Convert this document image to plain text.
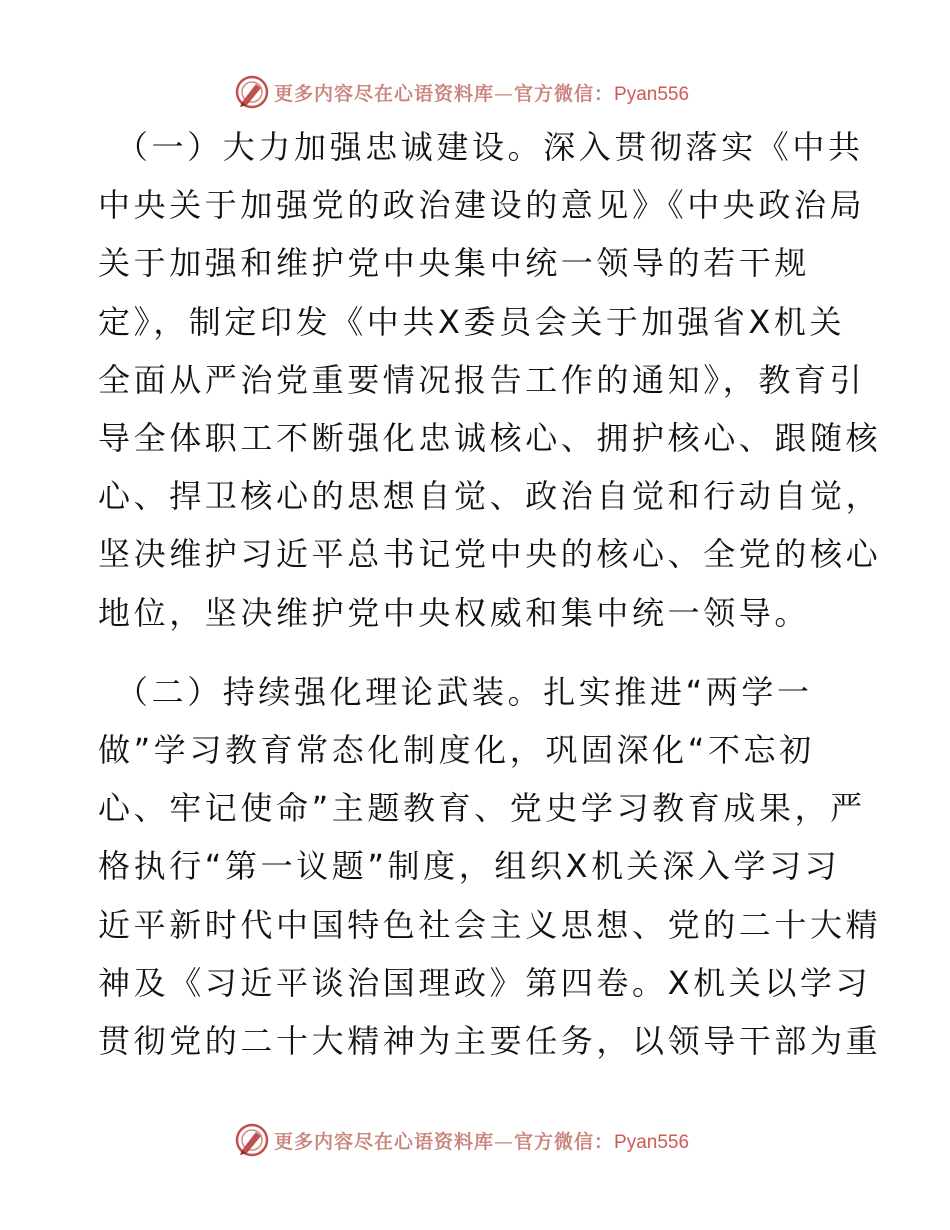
更多内容尽在心语资料库—官方微信：Pyan556

（一）大力加强忠诚建设。深入贯彻落实《中共
中央关于加强党的政治建设的意见》《中央政治局
关于加强和维护党中央集中统一领导的若干规
定》，制定印发《中共X委员会关于加强省X机关
全面从严治党重要情况报告工作的通知》，教育引
导全体职工不断强化忠诚核心、拥护核心、跟随核
心、捍卫核心的思想自觉、政治自觉和行动自觉，
坚决维护习近平总书记党中央的核心、全党的核心
地位，坚决维护党中央权威和集中统一领导。

（二）持续强化理论武装。扎实推进“两学一
做”学习教育常态化制度化，巩固深化“不忘初
心、牢记使命”主题教育、党史学习教育成果，严
格执行“第一议题”制度，组织X机关深入学习习
近平新时代中国特色社会主义思想、党的二十大精
神及《习近平谈治国理政》第四卷。X机关以学习
贯彻党的二十大精神为主要任务，以领导干部为重

更多内容尽在心语资料库—官方微信：Pyan556
